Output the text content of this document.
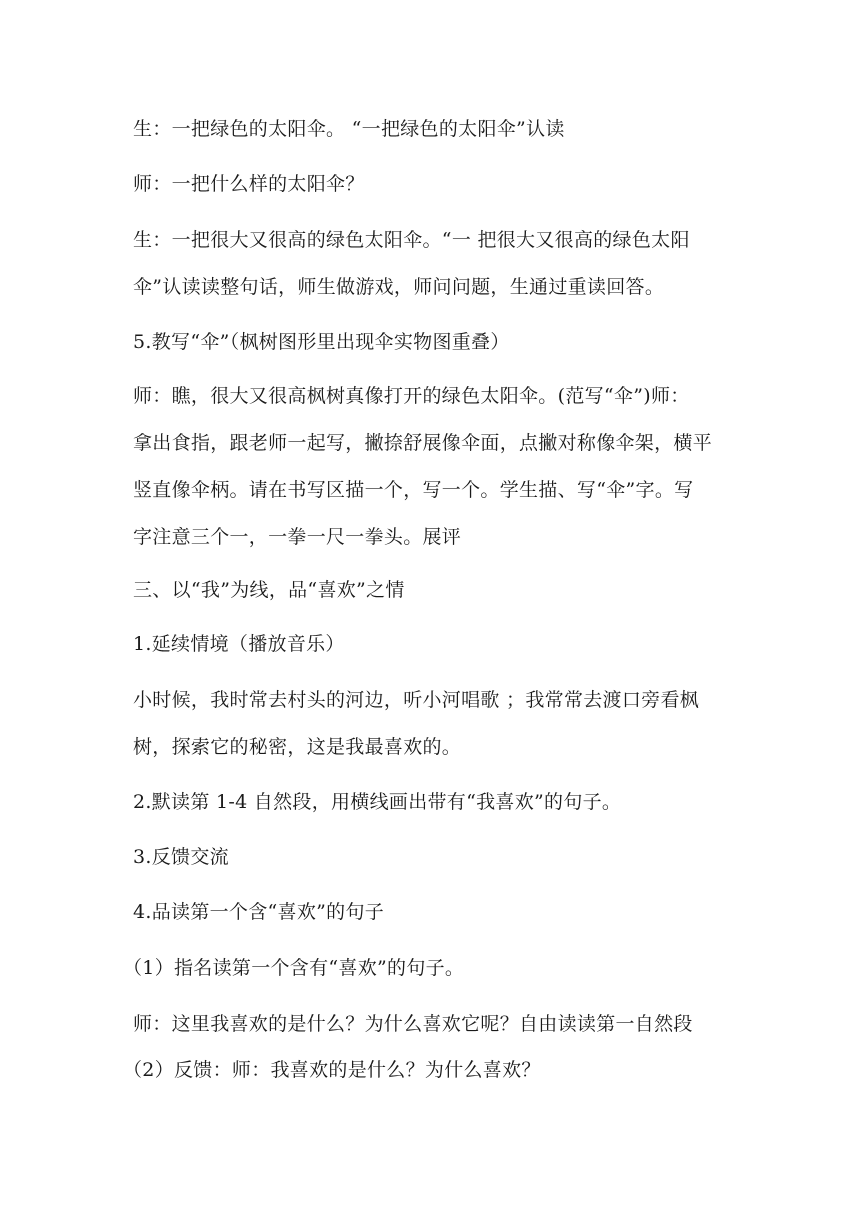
生：一把绿色的太阳伞。 “一把绿色的太阳伞”认读
师：一把什么样的太阳伞？
生：一把很大又很高的绿色太阳伞。“一 把很大又很高的绿色太阳
伞”认读读整句话，师生做游戏，师问问题，生通过重读回答。
5.教写“伞”（枫树图形里出现伞实物图重叠）
师：瞧，很大又很高枫树真像打开的绿色太阳伞。(范写“伞”)师：
拿出食指，跟老师一起写，撇捺舒展像伞面，点撇对称像伞架，横平
竖直像伞柄。请在书写区描一个，写一个。学生描、写“伞”字。写
字注意三个一，一拳一尺一拳头。展评
三、以“我”为线，品“喜欢”之情
1.延续情境（播放音乐）
小时候，我时常去村头的河边，听小河唱歌 ；我常常去渡口旁看枫
树，探索它的秘密，这是我最喜欢的。
2.默读第 1-4 自然段，用横线画出带有“我喜欢”的句子。
3.反馈交流
4.品读第一个含“喜欢”的句子
（1）指名读第一个含有“喜欢”的句子。
师：这里我喜欢的是什么？为什么喜欢它呢？自由读读第一自然段
（2）反馈：师：我喜欢的是什么？为什么喜欢？
